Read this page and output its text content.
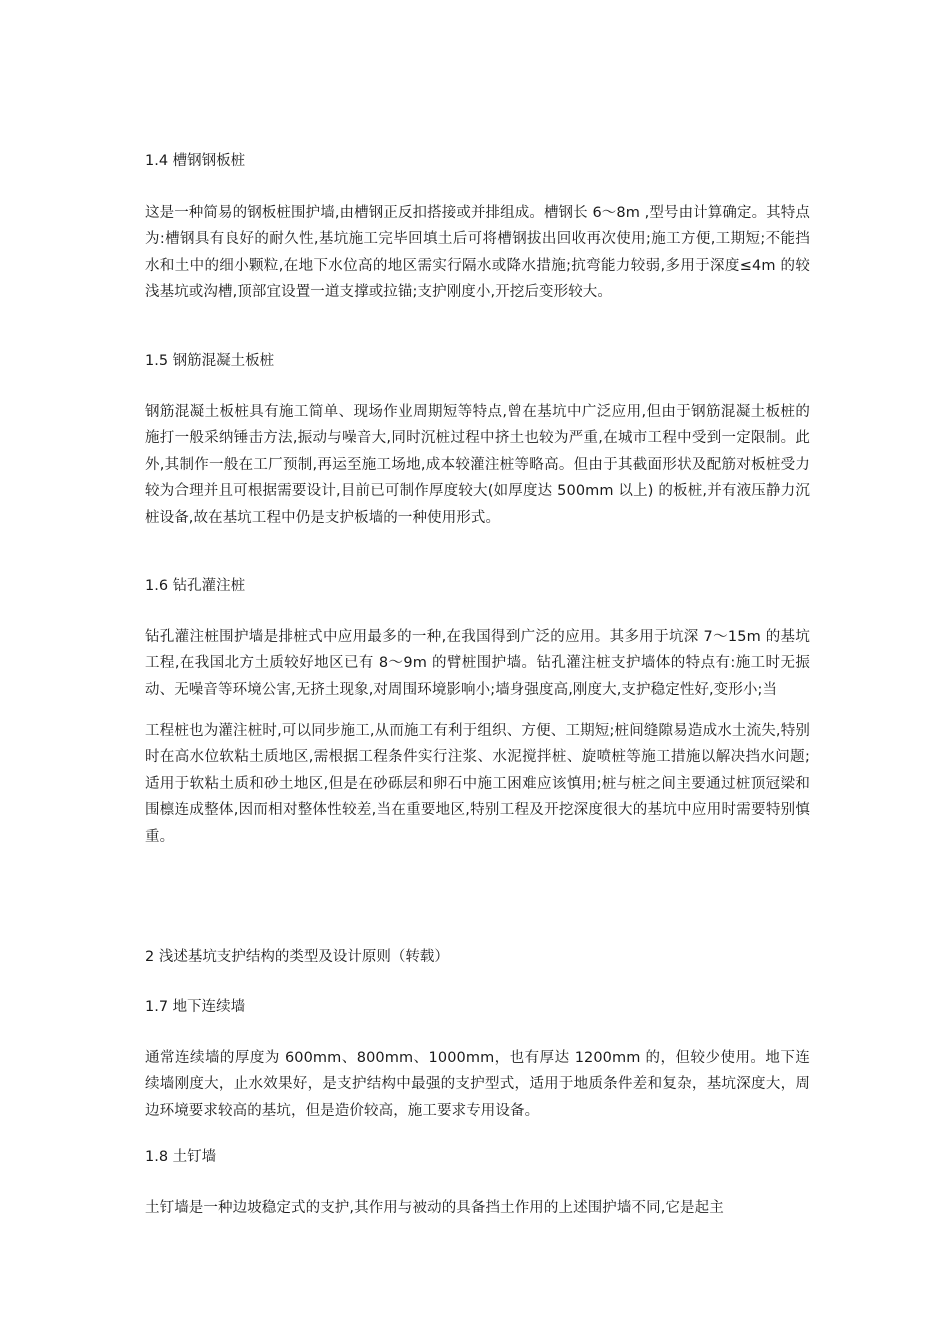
1.4 槽钢钢板桩

这是一种简易的钢板桩围护墙,由槽钢正反扣搭接或并排组成。槽钢长 6～8m ,型号由计算确定。其特点为:槽钢具有良好的耐久性,基坑施工完毕回填土后可将槽钢拔出回收再次使用;施工方便,工期短;不能挡水和土中的细小颗粒,在地下水位高的地区需实行隔水或降水措施;抗弯能力较弱,多用于深度≤4m 的较浅基坑或沟槽,顶部宜设置一道支撑或拉锚;支护刚度小,开挖后变形较大。

1.5 钢筋混凝土板桩

钢筋混凝土板桩具有施工简单、现场作业周期短等特点,曾在基坑中广泛应用,但由于钢筋混凝土板桩的施打一般采纳锤击方法,振动与噪音大,同时沉桩过程中挤土也较为严重,在城市工程中受到一定限制。此外,其制作一般在工厂预制,再运至施工场地,成本较灌注桩等略高。但由于其截面形状及配筋对板桩受力较为合理并且可根据需要设计,目前已可制作厚度较大(如厚度达 500mm 以上) 的板桩,并有液压静力沉桩设备,故在基坑工程中仍是支护板墙的一种使用形式。

1.6 钻孔灌注桩

钻孔灌注桩围护墙是排桩式中应用最多的一种,在我国得到广泛的应用。其多用于坑深 7～15m 的基坑工程,在我国北方土质较好地区已有 8～9m 的臂桩围护墙。钻孔灌注桩支护墙体的特点有:施工时无振动、无噪音等环境公害,无挤土现象,对周围环境影响小;墙身强度高,刚度大,支护稳定性好,变形小;当

工程桩也为灌注桩时,可以同步施工,从而施工有利于组织、方便、工期短;桩间缝隙易造成水土流失,特别时在高水位软粘土质地区,需根据工程条件实行注浆、水泥搅拌桩、旋喷桩等施工措施以解决挡水问题;适用于软粘土质和砂土地区,但是在砂砾层和卵石中施工困难应该慎用;桩与桩之间主要通过桩顶冠梁和围檩连成整体,因而相对整体性较差,当在重要地区,特别工程及开挖深度很大的基坑中应用时需要特别慎重。

2 浅述基坑支护结构的类型及设计原则（转载）
1.7 地下连续墙

通常连续墙的厚度为 600mm、800mm、1000mm，也有厚达 1200mm 的，但较少使用。地下连续墙刚度大，止水效果好，是支护结构中最强的支护型式，适用于地质条件差和复杂，基坑深度大，周边环境要求较高的基坑，但是造价较高，施工要求专用设备。

1.8 土钉墙

土钉墙是一种边坡稳定式的支护,其作用与被动的具备挡土作用的上述围护墙不同,它是起主
